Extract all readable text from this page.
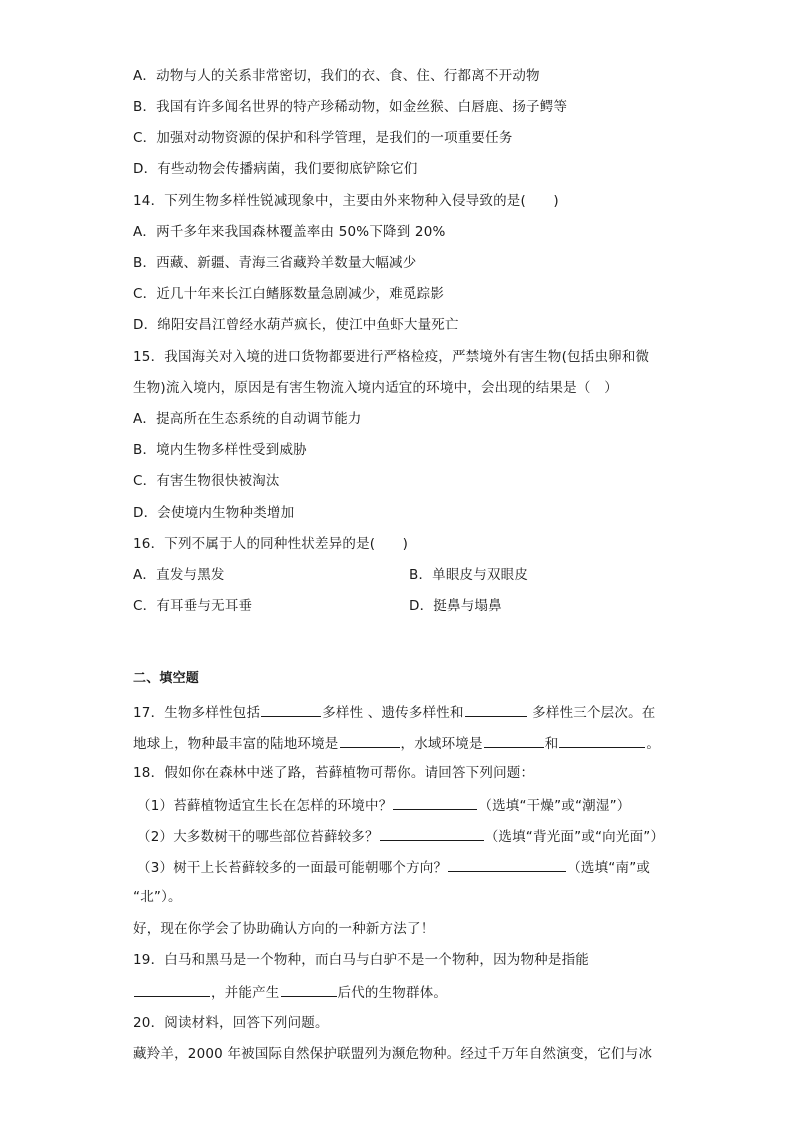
A．动物与人的关系非常密切，我们的衣、食、住、行都离不开动物
B．我国有许多闻名世界的特产珍稀动物，如金丝猴、白唇鹿、扬子鳄等
C．加强对动物资源的保护和科学管理，是我们的一项重要任务
D．有些动物会传播病菌，我们要彻底铲除它们
14．下列生物多样性锐减现象中，主要由外来物种入侵导致的是(　　)
A．两千多年来我国森林覆盖率由 50%下降到 20%
B．西藏、新疆、青海三省藏羚羊数量大幅减少
C．近几十年来长江白鳍豚数量急剧减少，难觅踪影
D．绵阳安昌江曾经水葫芦疯长，使江中鱼虾大量死亡
15．我国海关对入境的进口货物都要进行严格检疫，严禁境外有害生物(包括虫卵和微
生物)流入境内，原因是有害生物流入境内适宜的环境中，会出现的结果是（　）
A．提高所在生态系统的自动调节能力
B．境内生物多样性受到威胁
C．有害生物很快被淘汰
D．会使境内生物种类增加
16．下列不属于人的同种性状差异的是(　　)
A．直发与黑发	B．单眼皮与双眼皮
C．有耳垂与无耳垂	D．挺鼻与塌鼻
二、填空题
17．生物多样性包括	多样性 、遗传多样性和	多样性三个层次。在
地球上，物种最丰富的陆地环境是	，水域环境是	和	。
18．假如你在森林中迷了路，苔藓植物可帮你。请回答下列问题：
（1）苔藓植物适宜生长在怎样的环境中？	（选填“干燥”或“潮湿”）
（2）大多数树干的哪些部位苔藓较多？	（选填“背光面”或“向光面”）
（3）树干上长苔藓较多的一面最可能朝哪个方向？	（选填“南”或
“北”）。
好，现在你学会了协助确认方向的一种新方法了！
19．白马和黑马是一个物种，而白马与白驴不是一个物种，因为物种是指能
，并能产生	后代的生物群体。
20．阅读材料，回答下列问题。
藏羚羊，2000 年被国际自然保护联盟列为濒危物种。经过千万年自然演变，它们与冰
